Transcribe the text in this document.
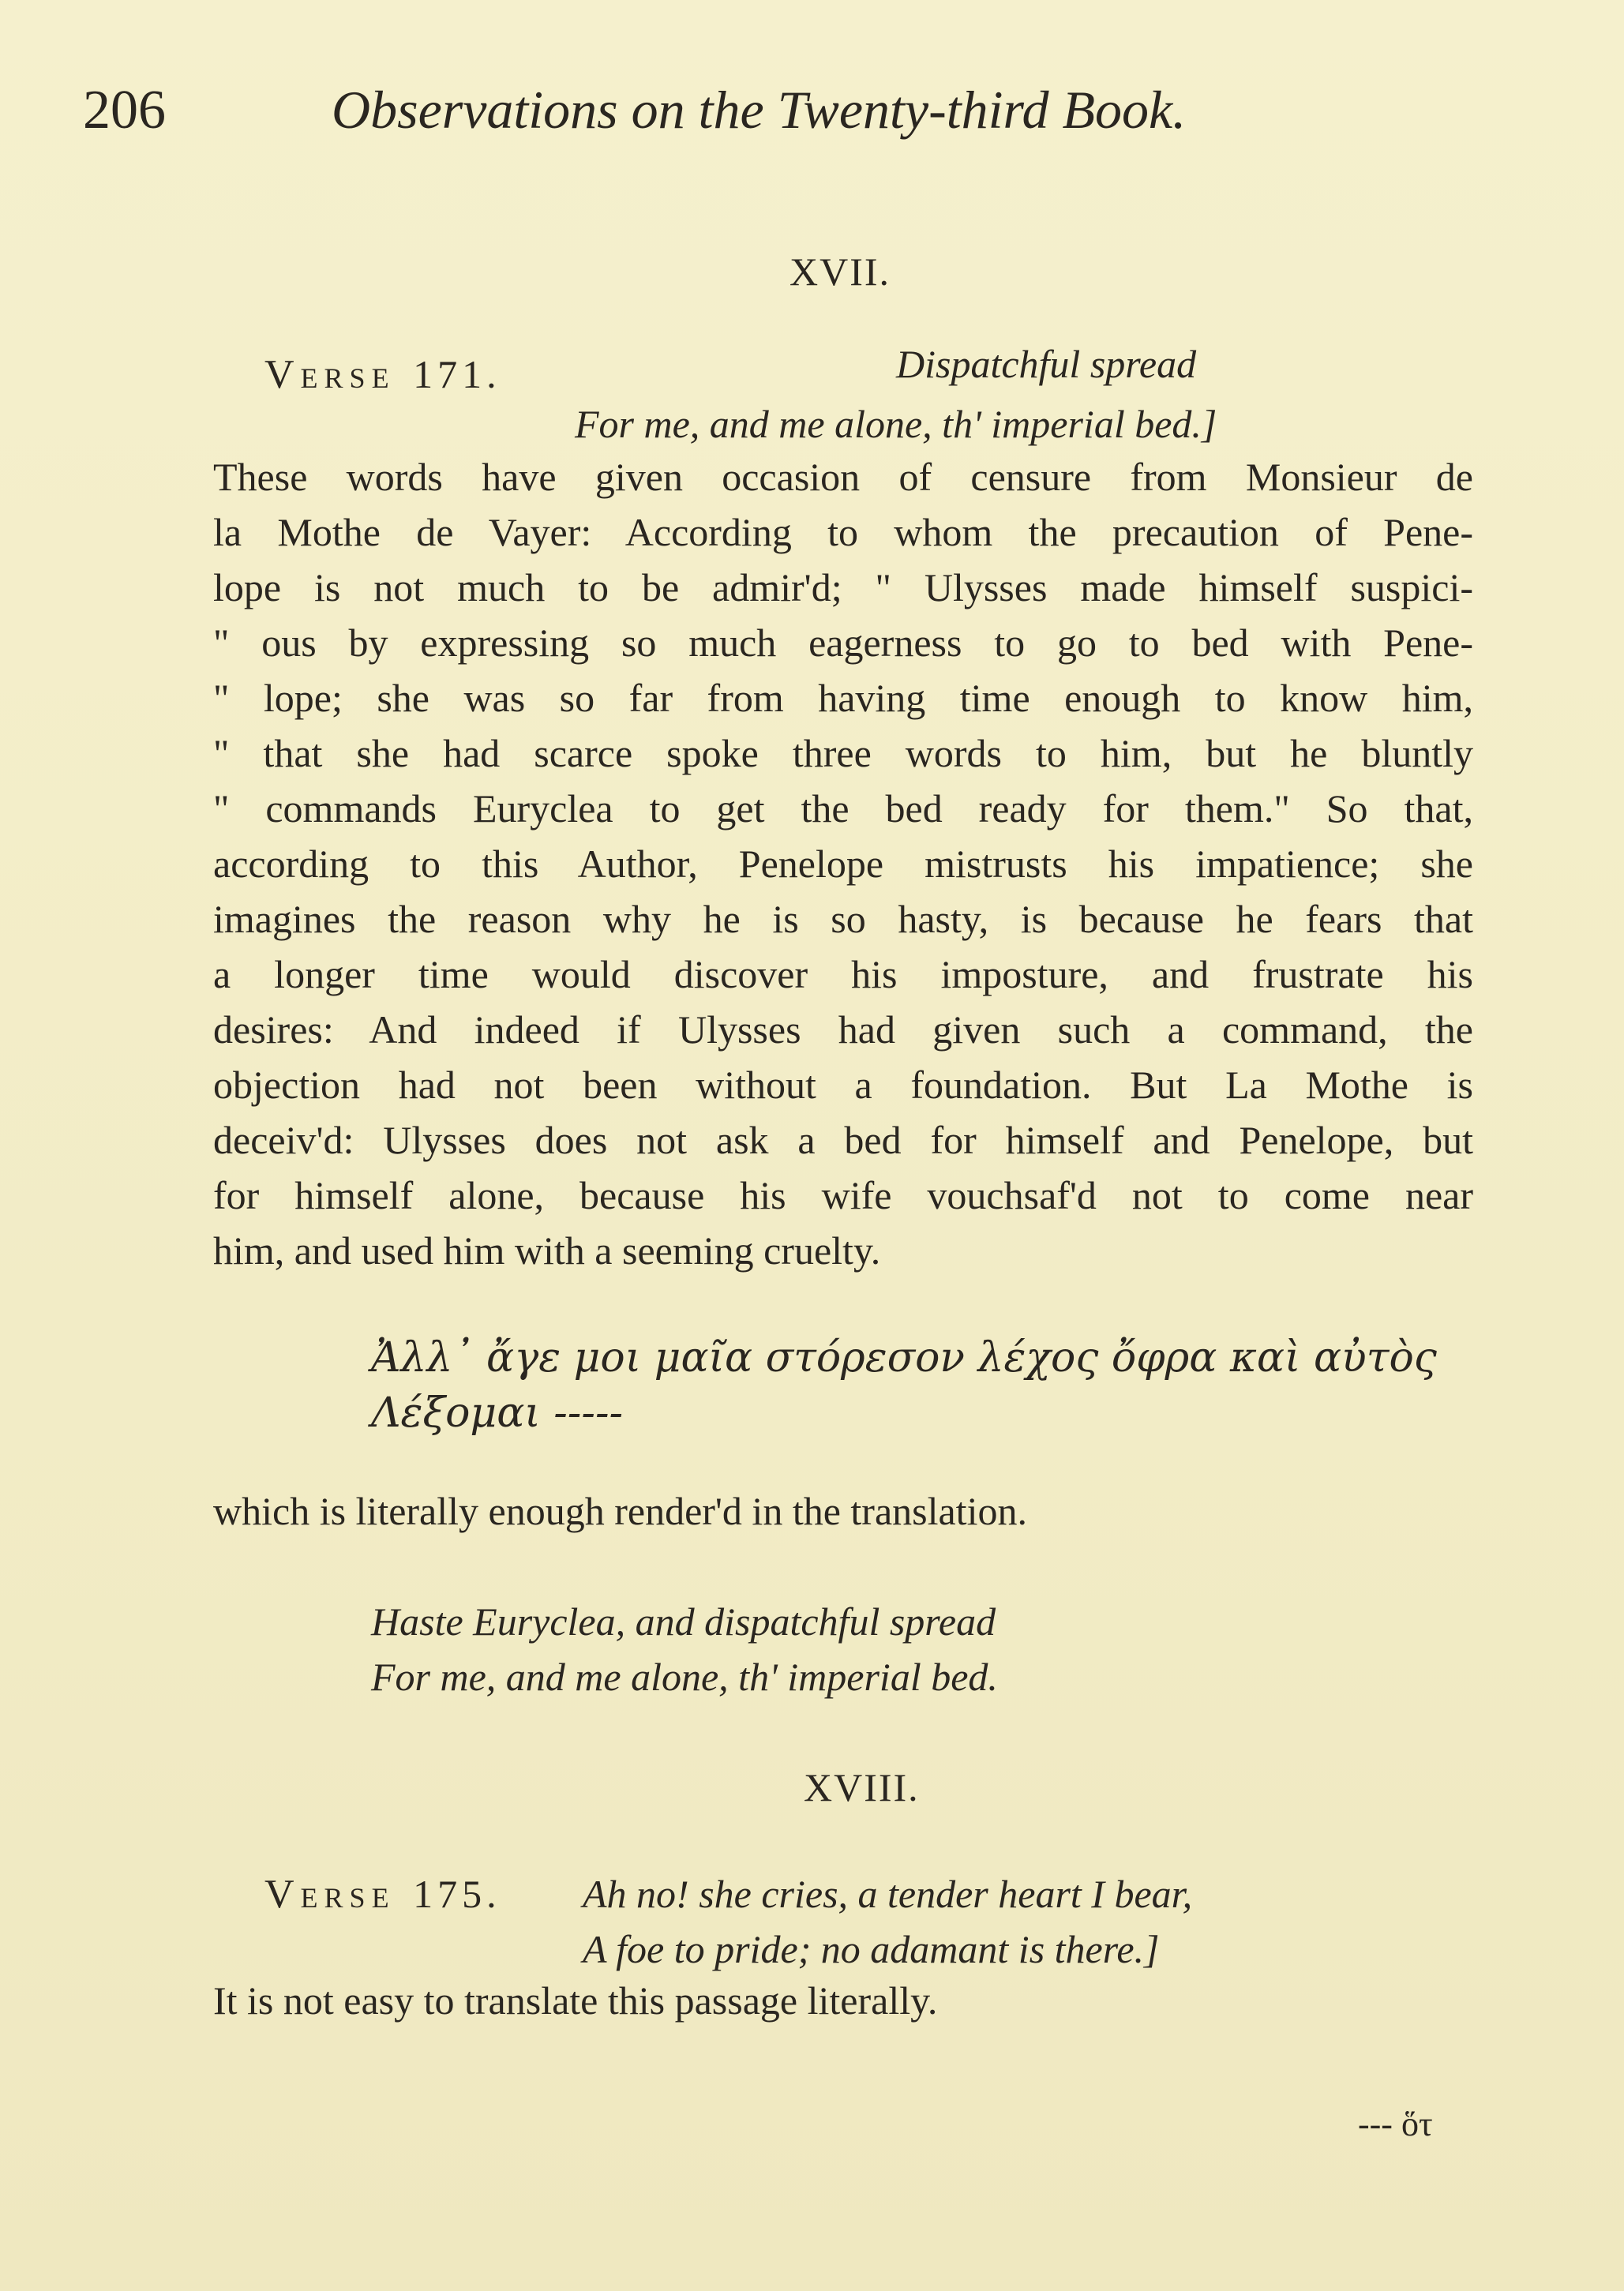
206	Observations on the Twenty-third Book.
XVII.
Verse 171.	Dispatchful spread
For me, and me alone, th' imperial bed.]
These words have given occasion of censure from Monsieur de
la Mothe de Vayer: According to whom the precaution of Pene-
lope is not much to be admir'd; " Ulysses made himself suspici-
" ous by expressing so much eagerness to go to bed with Pene-
" lope; she was so far from having time enough to know him,
" that she had scarce spoke three words to him, but he bluntly
" commands Euryclea to get the bed ready for them." So that,
according to this Author, Penelope mistrusts his impatience; she
imagines the reason why he is so hasty, is because he fears that
a longer time would discover his imposture, and frustrate his
desires: And indeed if Ulysses had given such a command, the
objection had not been without a foundation. But La Mothe is
deceiv'd: Ulysses does not ask a bed for himself and Penelope, but
for himself alone, because his wife vouchsaf'd not to come near
him, and used him with a seeming cruelty.
Ἀλλ᾽ ἄγε μοι μαῖα στόρεσον λέχος ὄφρα καὶ αὐτὸς
Λέξομαι -----
which is literally enough render'd in the translation.
Haste Euryclea, and dispatchful spread
For me, and me alone, th' imperial bed.
XVIII.
Verse 175. Ah no! she cries, a tender heart I bear,
A foe to pride; no adamant is there.]
It is not easy to translate this passage literally.
--- ὅτ
